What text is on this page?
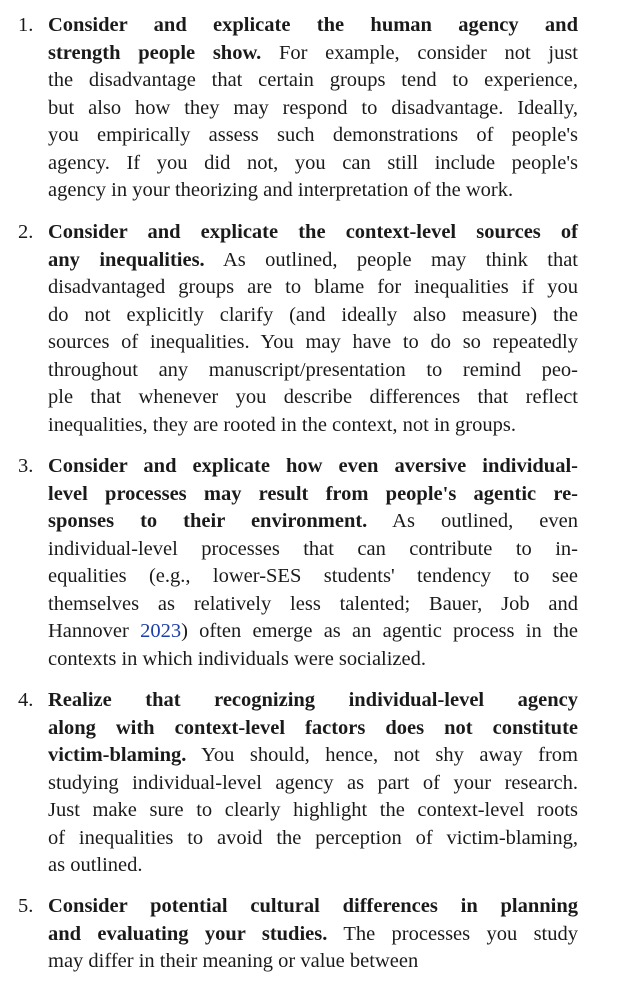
1. Consider and explicate the human agency and
strength people show. For example, consider not just
the disadvantage that certain groups tend to experience,
but also how they may respond to disadvantage. Ideally,
you empirically assess such demonstrations of people's
agency. If you did not, you can still include people's
agency in your theorizing and interpretation of the work.
2. Consider and explicate the context-level sources of
any inequalities. As outlined, people may think that
disadvantaged groups are to blame for inequalities if you
do not explicitly clarify (and ideally also measure) the
sources of inequalities. You may have to do so repeatedly
throughout any manuscript/presentation to remind peo-
ple that whenever you describe differences that reflect
inequalities, they are rooted in the context, not in groups.
3. Consider and explicate how even aversive individual-
level processes may result from people's agentic re-
sponses to their environment. As outlined, even
individual-level processes that can contribute to in-
equalities (e.g., lower-SES students' tendency to see
themselves as relatively less talented; Bauer, Job and
Hannover 2023) often emerge as an agentic process in the
contexts in which individuals were socialized.
4. Realize that recognizing individual-level agency
along with context-level factors does not constitute
victim-blaming. You should, hence, not shy away from
studying individual-level agency as part of your research.
Just make sure to clearly highlight the context-level roots
of inequalities to avoid the perception of victim-blaming,
as outlined.
5. Consider potential cultural differences in planning
and evaluating your studies. The processes you study
may differ in their meaning or value between
